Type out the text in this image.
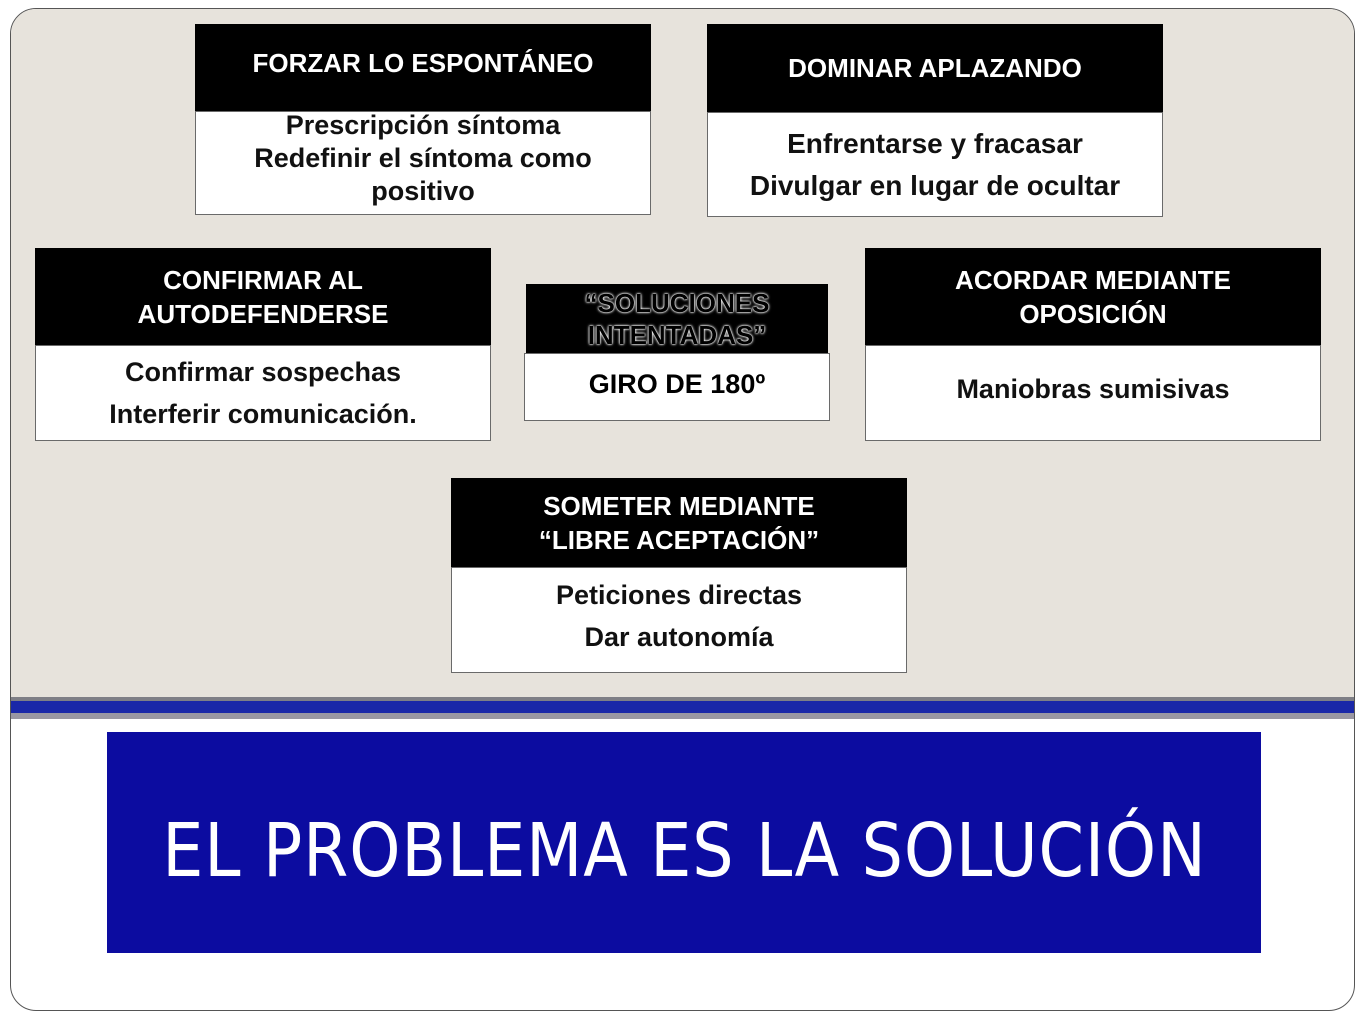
FORZAR LO ESPONTÁNEO
Prescripción síntoma
Redefinir el síntoma como
positivo
DOMINAR APLAZANDO
Enfrentarse y fracasar
Divulgar en lugar de ocultar
CONFIRMAR AL
AUTODEFENDERSE
Confirmar sospechas
Interferir comunicación.
“SOLUCIONES
INTENTADAS”
GIRO DE 180º
ACORDAR MEDIANTE
OPOSICIÓN
Maniobras sumisivas
SOMETER MEDIANTE
“LIBRE ACEPTACIÓN”
Peticiones directas
Dar autonomía
EL PROBLEMA ES LA SOLUCIÓN
